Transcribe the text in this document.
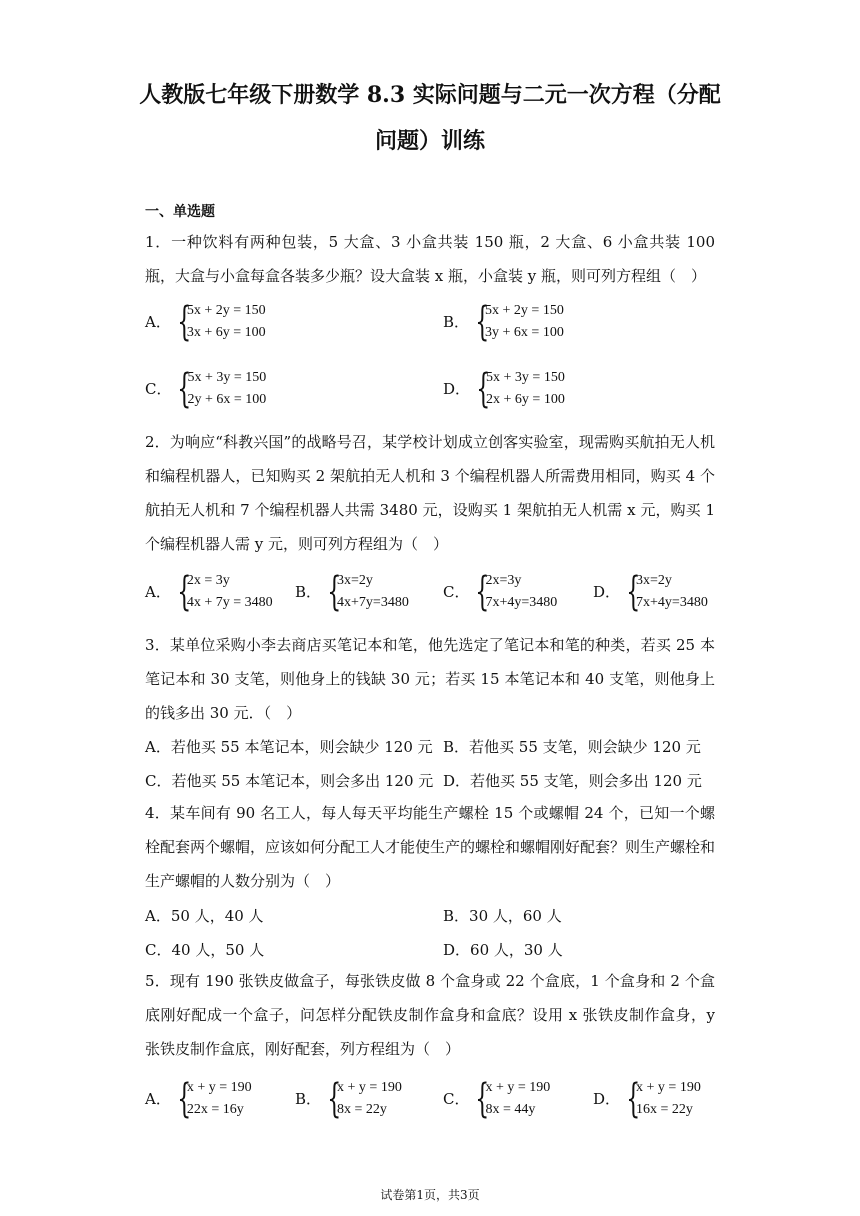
人教版七年级下册数学 8.3 实际问题与二元一次方程（分配
问题）训练
一、单选题
1．一种饮料有两种包装，5 大盒、3 小盒共装 150 瓶，2 大盒、6 小盒共装 100 瓶，大盒与小盒每盒各装多少瓶？设大盒装 x 瓶，小盒装 y 瓶，则可列方程组（　）
A． {
5x + 2y = 150
3x + 6y = 100
B． {
5x + 2y = 150
3y + 6x = 100
C． {
5x + 3y = 150
2y + 6x = 100
D． {
5x + 3y = 150
2x + 6y = 100
2．为响应“科教兴国”的战略号召，某学校计划成立创客实验室，现需购买航拍无人机和编程机器人，已知购买 2 架航拍无人机和 3 个编程机器人所需费用相同，购买 4 个航拍无人机和 7 个编程机器人共需 3480 元，设购买 1 架航拍无人机需 x 元，购买 1 个编程机器人需 y 元，则可列方程组为（　）
A． {
2x = 3y
4x + 7y = 3480
B． {
3x=2y
4x+7y=3480
C． {
2x=3y
7x+4y=3480
D． {
3x=2y
7x+4y=3480
3．某单位采购小李去商店买笔记本和笔，他先选定了笔记本和笔的种类，若买 25 本笔记本和 30 支笔，则他身上的钱缺 30 元；若买 15 本笔记本和 40 支笔，则他身上的钱多出 30 元．（　）
A．若他买 55 本笔记本，则会缺少 120 元 B．若他买 55 支笔，则会缺少 120 元
C．若他买 55 本笔记本，则会多出 120 元 D．若他买 55 支笔，则会多出 120 元
4．某车间有 90 名工人，每人每天平均能生产螺栓 15 个或螺帽 24 个，已知一个螺栓配套两个螺帽，应该如何分配工人才能使生产的螺栓和螺帽刚好配套？则生产螺栓和生产螺帽的人数分别为（　）
A．50 人，40 人	B．30 人，60 人
C．40 人，50 人	D．60 人，30 人
5．现有 190 张铁皮做盒子，每张铁皮做 8 个盒身或 22 个盒底，1 个盒身和 2 个盒底刚好配成一个盒子，问怎样分配铁皮制作盒身和盒底？设用 x 张铁皮制作盒身，y 张铁皮制作盒底，刚好配套，列方程组为（　）
A． {
x + y = 190
22x = 16y
B． {
x + y = 190
8x = 22y
C． {
x + y = 190
8x = 44y
D． {
x + y = 190
16x = 22y
试卷第1页，共3页
